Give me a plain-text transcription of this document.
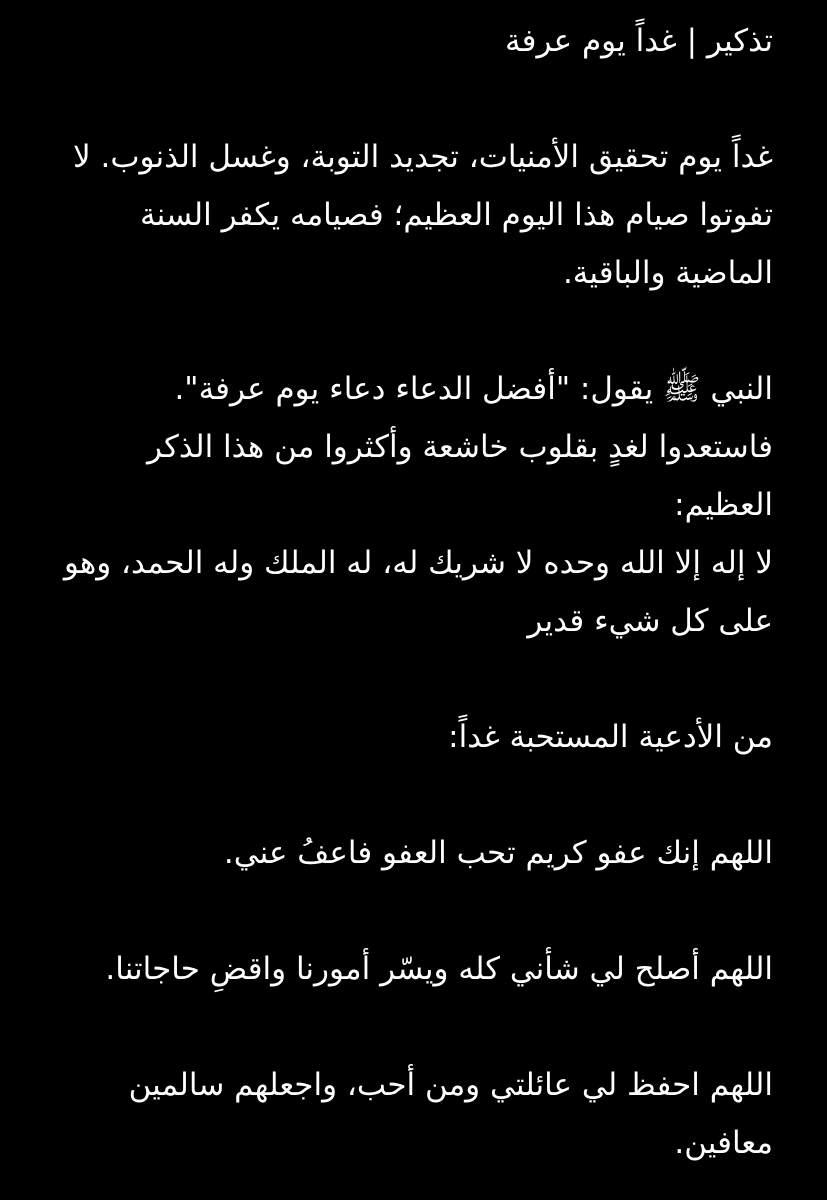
تذكير | غداً يوم عرفة
غداً يوم تحقيق الأمنيات، تجديد التوبة، وغسل الذنوب. لا
تفوتوا صيام هذا اليوم العظيم؛ فصيامه يكفر السنة
الماضية والباقية.
النبي ﷺ يقول: "أفضل الدعاء دعاء يوم عرفة".
فاستعدوا لغدٍ بقلوب خاشعة وأكثروا من هذا الذكر
العظيم:
لا إله إلا الله وحده لا شريك له، له الملك وله الحمد، وهو
على كل شيء قدير
من الأدعية المستحبة غداً:
اللهم إنك عفو كريم تحب العفو فاعفُ عني.
اللهم أصلح لي شأني كله ويسّر أمورنا واقضِ حاجاتنا.
اللهم احفظ لي عائلتي ومن أحب، واجعلهم سالمين
معافين.
